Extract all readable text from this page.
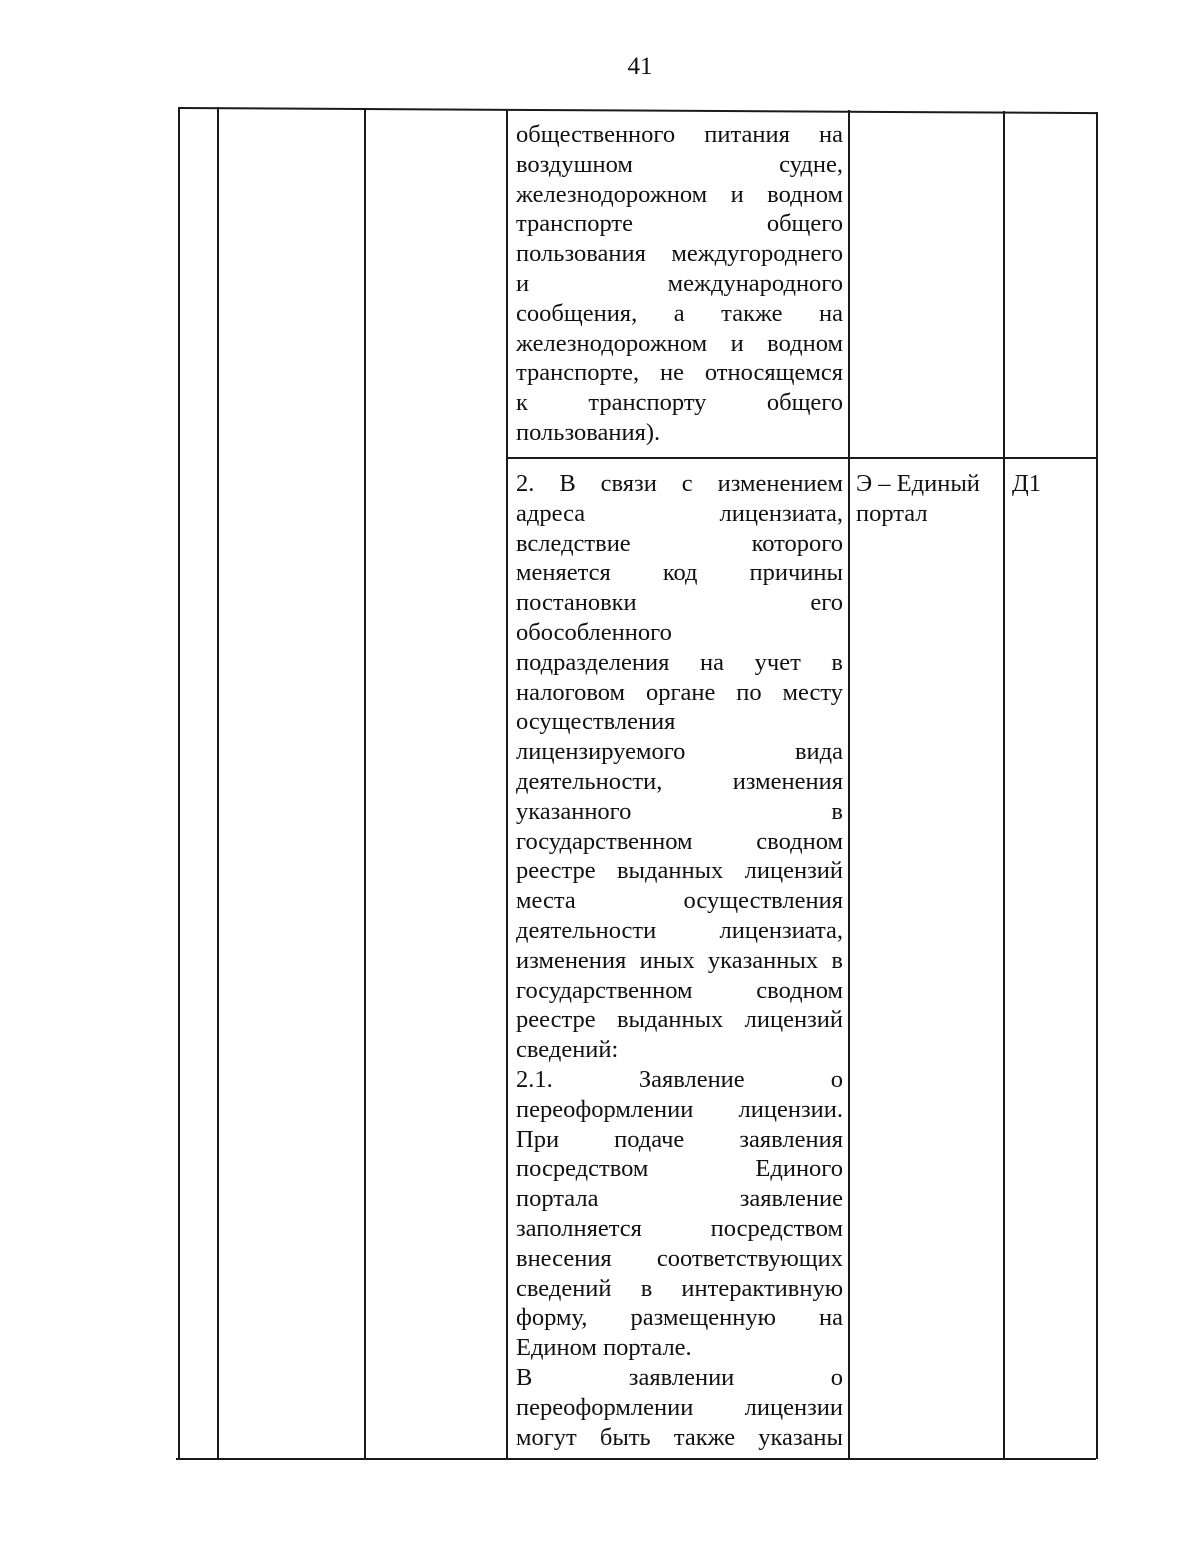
41
общественного питания на
воздушном судне,
железнодорожном и водном
транспорте общего
пользования междугороднего
и международного
сообщения, а также на
железнодорожном и водном
транспорте, не относящемся
к транспорту общего
пользования).
2. В связи с изменением
адреса лицензиата,
вследствие которого
меняется код причины
постановки его
обособленного
подразделения на учет в
налоговом органе по месту
осуществления
лицензируемого вида
деятельности, изменения
указанного в
государственном сводном
реестре выданных лицензий
места осуществления
деятельности лицензиата,
изменения иных указанных в
государственном сводном
реестре выданных лицензий
сведений:
2.1. Заявление о
переоформлении лицензии.
При подаче заявления
посредством Единого
портала заявление
заполняется посредством
внесения соответствующих
сведений в интерактивную
форму, размещенную на
Едином портале.
В заявлении о
переоформлении лицензии
могут быть также указаны
Э – Единый
портал
Д1
